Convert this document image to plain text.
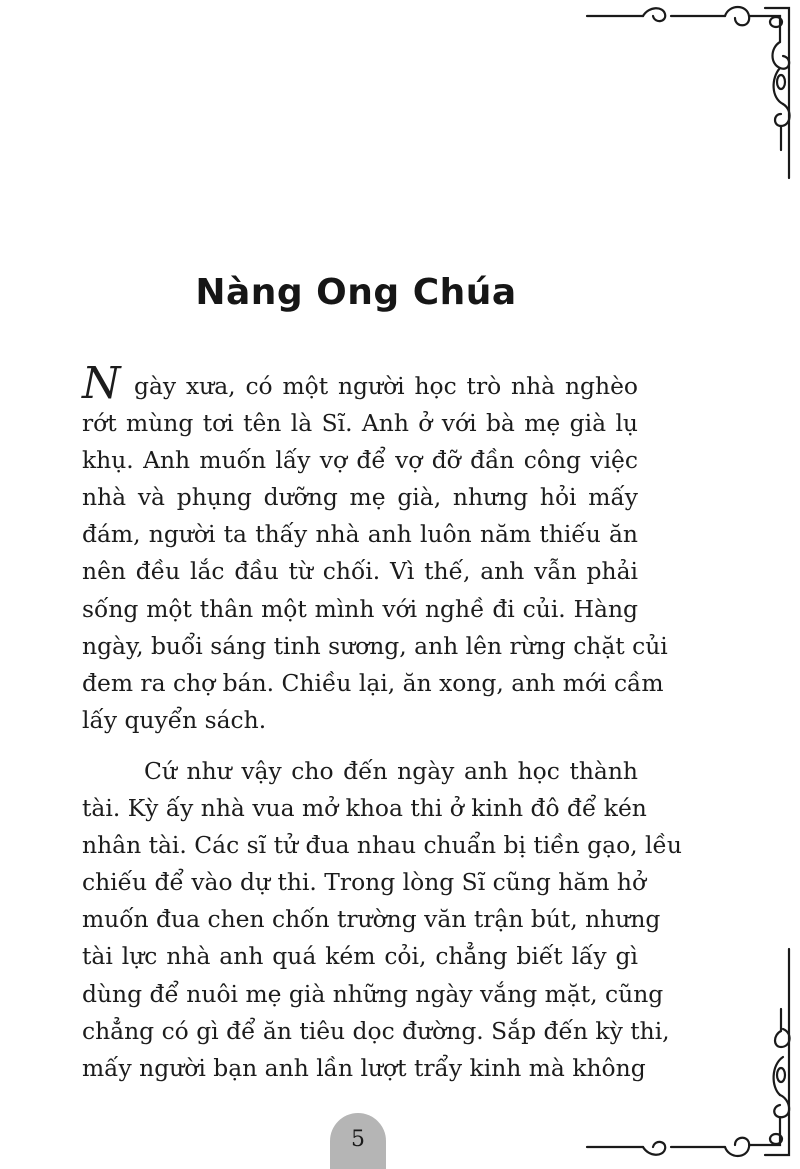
Nàng Ong Chúa
N gày xưa, có một người học trò nhà nghèo
rớt mùng tơi tên là Sĩ. Anh ở với bà mẹ già lụ
khụ. Anh muốn lấy vợ để vợ đỡ đần công việc
nhà và phụng dưỡng mẹ già, nhưng hỏi mấy
đám, người ta thấy nhà anh luôn năm thiếu ăn
nên đều lắc đầu từ chối. Vì thế, anh vẫn phải
sống một thân một mình với nghề đi củi. Hàng
ngày, buổi sáng tinh sương, anh lên rừng chặt củi
đem ra chợ bán. Chiều lại, ăn xong, anh mới cầm
lấy quyển sách.
Cứ như vậy cho đến ngày anh học thành
tài. Kỳ ấy nhà vua mở khoa thi ở kinh đô để kén
nhân tài. Các sĩ tử đua nhau chuẩn bị tiền gạo, lều
chiếu để vào dự thi. Trong lòng Sĩ cũng hăm hở
muốn đua chen chốn trường văn trận bút, nhưng
tài lực nhà anh quá kém cỏi, chẳng biết lấy gì
dùng để nuôi mẹ già những ngày vắng mặt, cũng
chẳng có gì để ăn tiêu dọc đường. Sắp đến kỳ thi,
mấy người bạn anh lần lượt trẩy kinh mà không
5
